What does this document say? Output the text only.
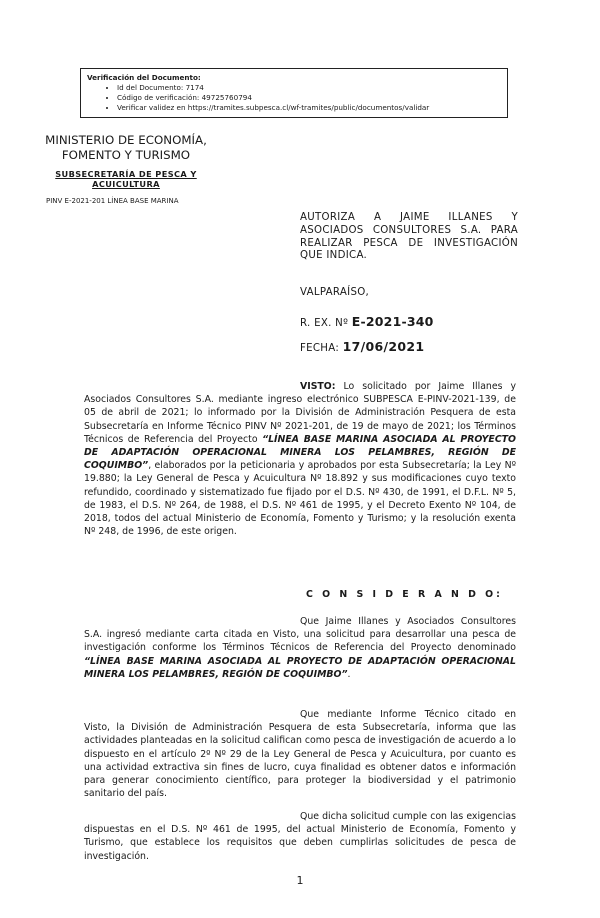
Verificación del Documento:
• Id del Documento: 7174
• Código de verificación: 49725760794
• Verificar validez en https://tramites.subpesca.cl/wf-tramites/public/documentos/validar
MINISTERIO DE ECONOMÍA,
FOMENTO Y TURISMO
SUBSECRETARÍA DE PESCA Y ACUICULTURA
PINV E-2021-201 LÍNEA BASE MARINA
AUTORIZA A JAIME ILLANES Y ASOCIADOS CONSULTORES S.A. PARA REALIZAR PESCA DE INVESTIGACIÓN QUE INDICA.
VALPARAÍSO,
R. EX. Nº E-2021-340
FECHA: 17/06/2021
VISTO: Lo solicitado por Jaime Illanes y Asociados Consultores S.A. mediante ingreso electrónico SUBPESCA E-PINV-2021-139, de 05 de abril de 2021; lo informado por la División de Administración Pesquera de esta Subsecretaría en Informe Técnico PINV Nº 2021-201, de 19 de mayo de 2021; los Términos Técnicos de Referencia del Proyecto “LÍNEA BASE MARINA ASOCIADA AL PROYECTO DE ADAPTACIÓN OPERACIONAL MINERA LOS PELAMBRES, REGIÓN DE COQUIMBO”, elaborados por la peticionaria y aprobados por esta Subsecretaría; la Ley Nº 19.880; la Ley General de Pesca y Acuicultura Nº 18.892 y sus modificaciones cuyo texto refundido, coordinado y sistematizado fue fijado por el D.S. Nº 430, de 1991, el D.F.L. Nº 5, de 1983, el D.S. Nº 264, de 1988, el D.S. Nº 461 de 1995, y el Decreto Exento Nº 104, de 2018, todos del actual Ministerio de Economía, Fomento y Turismo; y la resolución exenta Nº 248, de 1996, de este origen.
C O N S I D E R A N D O:
Que Jaime Illanes y Asociados Consultores S.A. ingresó mediante carta citada en Visto, una solicitud para desarrollar una pesca de investigación conforme los Términos Técnicos de Referencia del Proyecto denominado “LÍNEA BASE MARINA ASOCIADA AL PROYECTO DE ADAPTACIÓN OPERACIONAL MINERA LOS PELAMBRES, REGIÓN DE COQUIMBO”.
Que mediante Informe Técnico citado en Visto, la División de Administración Pesquera de esta Subsecretaría, informa que las actividades planteadas en la solicitud califican como pesca de investigación de acuerdo a lo dispuesto en el artículo 2º Nº 29 de la Ley General de Pesca y Acuicultura, por cuanto es una actividad extractiva sin fines de lucro, cuya finalidad es obtener datos e información para generar conocimiento científico, para proteger la biodiversidad y el patrimonio sanitario del país.
Que dicha solicitud cumple con las exigencias dispuestas en el D.S. Nº 461 de 1995, del actual Ministerio de Economía, Fomento y Turismo, que establece los requisitos que deben cumplirlas solicitudes de pesca de investigación.
1
